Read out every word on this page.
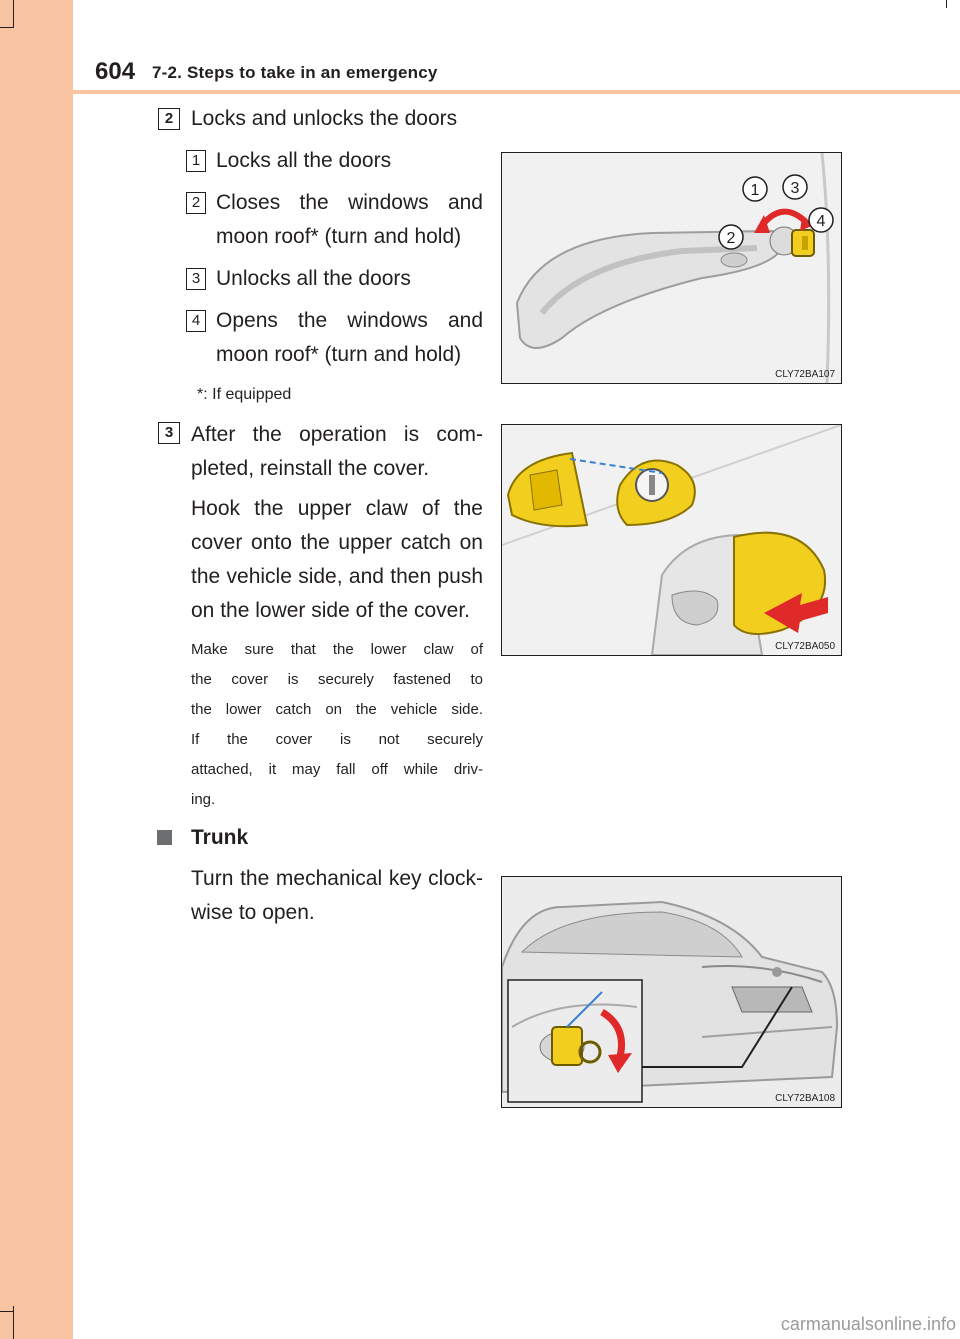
604 7-2. Steps to take in an emergency
2 Locks and unlocks the doors
1 Locks all the doors
2 Closes the windows and
moon roof* (turn and hold)
3 Unlocks all the doors
4 Opens the windows and
moon roof* (turn and hold)
*: If equipped
1
2
3
4
CLY72BA107
3 After the operation is com-
pleted, reinstall the cover.
Hook the upper claw of the
cover onto the upper catch on
the vehicle side, and then push
on the lower side of the cover.
Make sure that the lower claw of
the cover is securely fastened to
the lower catch on the vehicle side.
If the cover is not securely
attached, it may fall off while driv-
ing.
CLY72BA050
Trunk
Turn the mechanical key clock-
wise to open.
CLY72BA108
carmanualsonline.info
